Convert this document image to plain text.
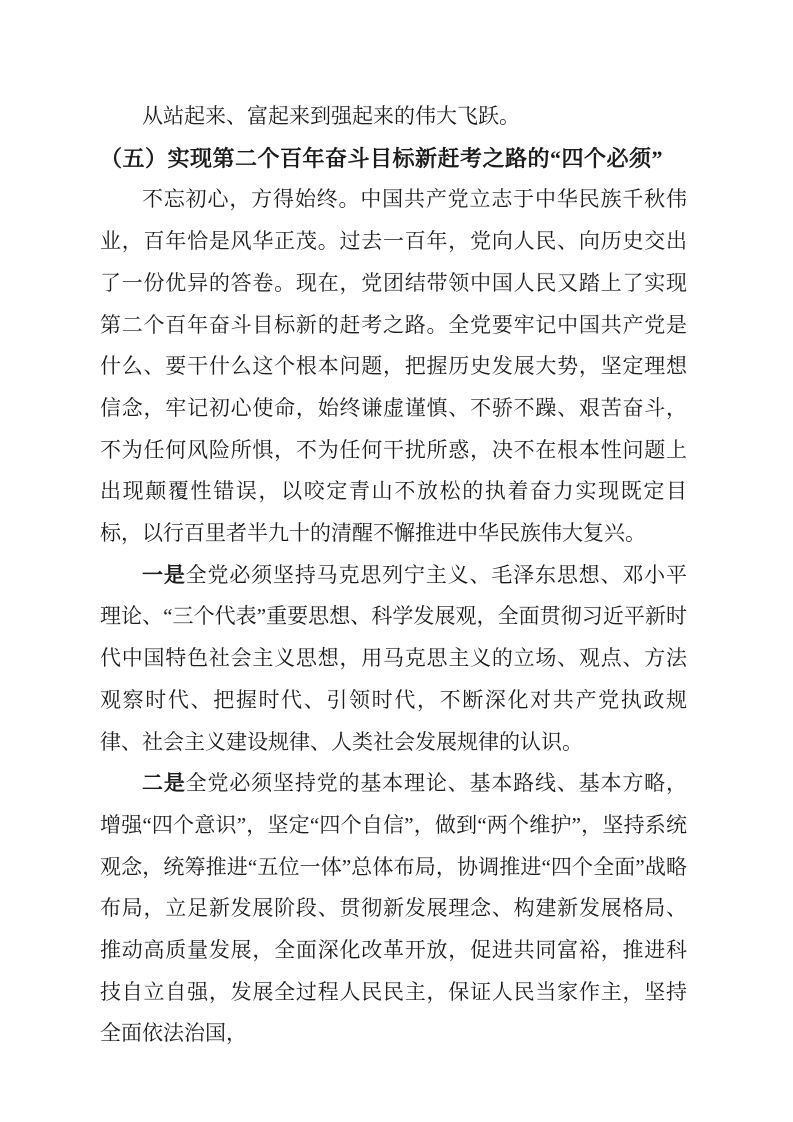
从站起来、富起来到强起来的伟大飞跃。

（五）实现第二个百年奋斗目标新赶考之路的“四个必须”

不忘初心，方得始终。中国共产党立志于中华民族千秋伟业，百年恰是风华正茂。过去一百年，党向人民、向历史交出了一份优异的答卷。现在，党团结带领中国人民又踏上了实现第二个百年奋斗目标新的赶考之路。全党要牢记中国共产党是什么、要干什么这个根本问题，把握历史发展大势，坚定理想信念，牢记初心使命，始终谦虚谨慎、不骄不躁、艰苦奋斗，不为任何风险所惧，不为任何干扰所惑，决不在根本性问题上出现颠覆性错误，以咬定青山不放松的执着奋力实现既定目标，以行百里者半九十的清醒不懈推进中华民族伟大复兴。

一是全党必须坚持马克思列宁主义、毛泽东思想、邓小平理论、“三个代表”重要思想、科学发展观，全面贯彻习近平新时代中国特色社会主义思想，用马克思主义的立场、观点、方法观察时代、把握时代、引领时代，不断深化对共产党执政规律、社会主义建设规律、人类社会发展规律的认识。

二是全党必须坚持党的基本理论、基本路线、基本方略，增强“四个意识”，坚定“四个自信”，做到“两个维护”，坚持系统观念，统筹推进“五位一体”总体布局，协调推进“四个全面”战略布局，立足新发展阶段、贯彻新发展理念、构建新发展格局、推动高质量发展，全面深化改革开放，促进共同富裕，推进科技自立自强，发展全过程人民民主，保证人民当家作主，坚持全面依法治国，
